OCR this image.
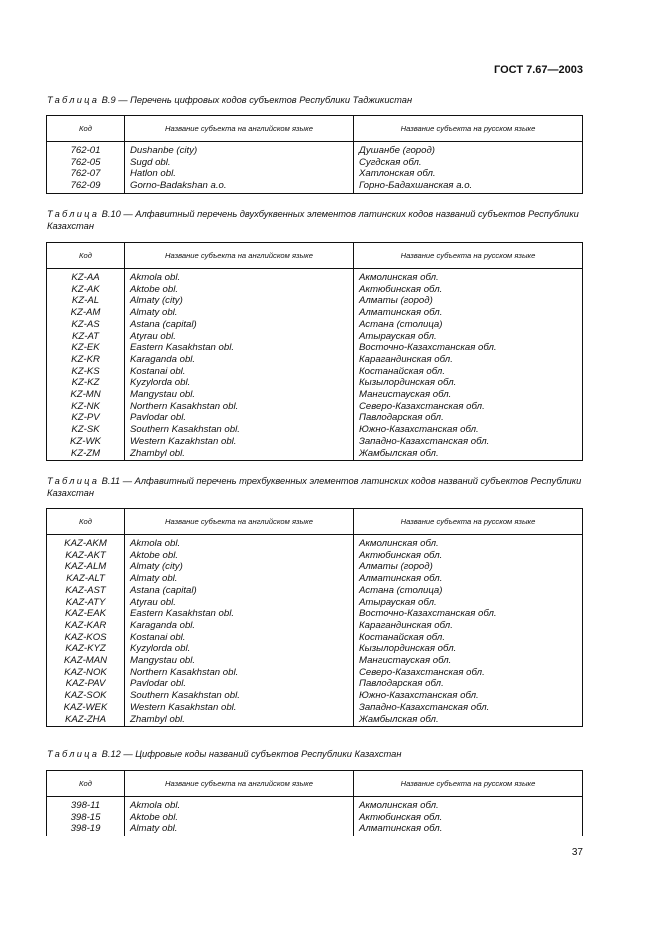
ГОСТ 7.67—2003
Таблица В.9 — Перечень цифровых кодов субъектов Республики Таджикистан
Код	Название субъекта на английском языке	Название субъекта на русском языке
762-01	Dushanbe (city)	Душанбе (город)
762-05	Sugd obl.	Сугдская обл.
762-07	Hatlon obl.	Хатлонская обл.
762-09	Gorno-Badakshan a.o.	Горно-Бадахшанская а.о.
Таблица В.10 — Алфавитный перечень двухбуквенных элементов латинских кодов названий субъектов Республики Казахстан
Код	Название субъекта на английском языке	Название субъекта на русском языке
KZ-AA	Akmola obl.	Акмолинская обл.
KZ-AK	Aktobe obl.	Актюбинская обл.
KZ-AL	Almaty (city)	Алматы (город)
KZ-AM	Almaty obl.	Алматинская обл.
KZ-AS	Astana (capital)	Астана (столица)
KZ-AT	Atyrau obl.	Атырауская обл.
KZ-EK	Eastern Kasakhstan obl.	Восточно-Казахстанская обл.
KZ-KR	Karaganda obl.	Карагандинская обл.
KZ-KS	Kostanai obl.	Костанайская обл.
KZ-KZ	Kyzylorda obl.	Кызылординская обл.
KZ-MN	Mangystau obl.	Мангистауская обл.
KZ-NK	Northern Kasakhstan obl.	Северо-Казахстанская обл.
KZ-PV	Pavlodar obl.	Павлодарская обл.
KZ-SK	Southern Kasakhstan obl.	Южно-Казахстанская обл.
KZ-WK	Western Kazakhstan obl.	Западно-Казахстанская обл.
KZ-ZM	Zhambyl obl.	Жамбылская обл.
Таблица В.11 — Алфавитный перечень трехбуквенных элементов латинских кодов названий субъектов Республики Казахстан
Код	Название субъекта на английском языке	Название субъекта на русском языке
KAZ-AKM	Akmola obl.	Акмолинская обл.
KAZ-AKT	Aktobe obl.	Актюбинская обл.
KAZ-ALM	Almaty (city)	Алматы (город)
KAZ-ALT	Almaty obl.	Алматинская обл.
KAZ-AST	Astana (capital)	Астана (столица)
KAZ-ATY	Atyrau obl.	Атырауская обл.
KAZ-EAK	Eastern Kasakhstan obl.	Восточно-Казахстанская обл.
KAZ-KAR	Karaganda obl.	Карагандинская обл.
KAZ-KOS	Kostanai obl.	Костанайская обл.
KAZ-KYZ	Kyzylorda obl.	Кызылординская обл.
KAZ-MAN	Mangystau obl.	Мангистауская обл.
KAZ-NOK	Northern Kasakhstan obl.	Северо-Казахстанская обл.
KAZ-PAV	Pavlodar obl.	Павлодарская обл.
KAZ-SOK	Southern Kasakhstan obl.	Южно-Казахстанская обл.
KAZ-WEK	Western Kasakhstan obl.	Западно-Казахстанская обл.
KAZ-ZHA	Zhambyl obl.	Жамбылская обл.
Таблица В.12 — Цифровые коды названий субъектов Республики Казахстан
Код	Название субъекта на английском языке	Название субъекта на русском языке
398-11	Akmola obl.	Акмолинская обл.
398-15	Aktobe obl.	Актюбинская обл.
398-19	Almaty obl.	Алматинская обл.
37
